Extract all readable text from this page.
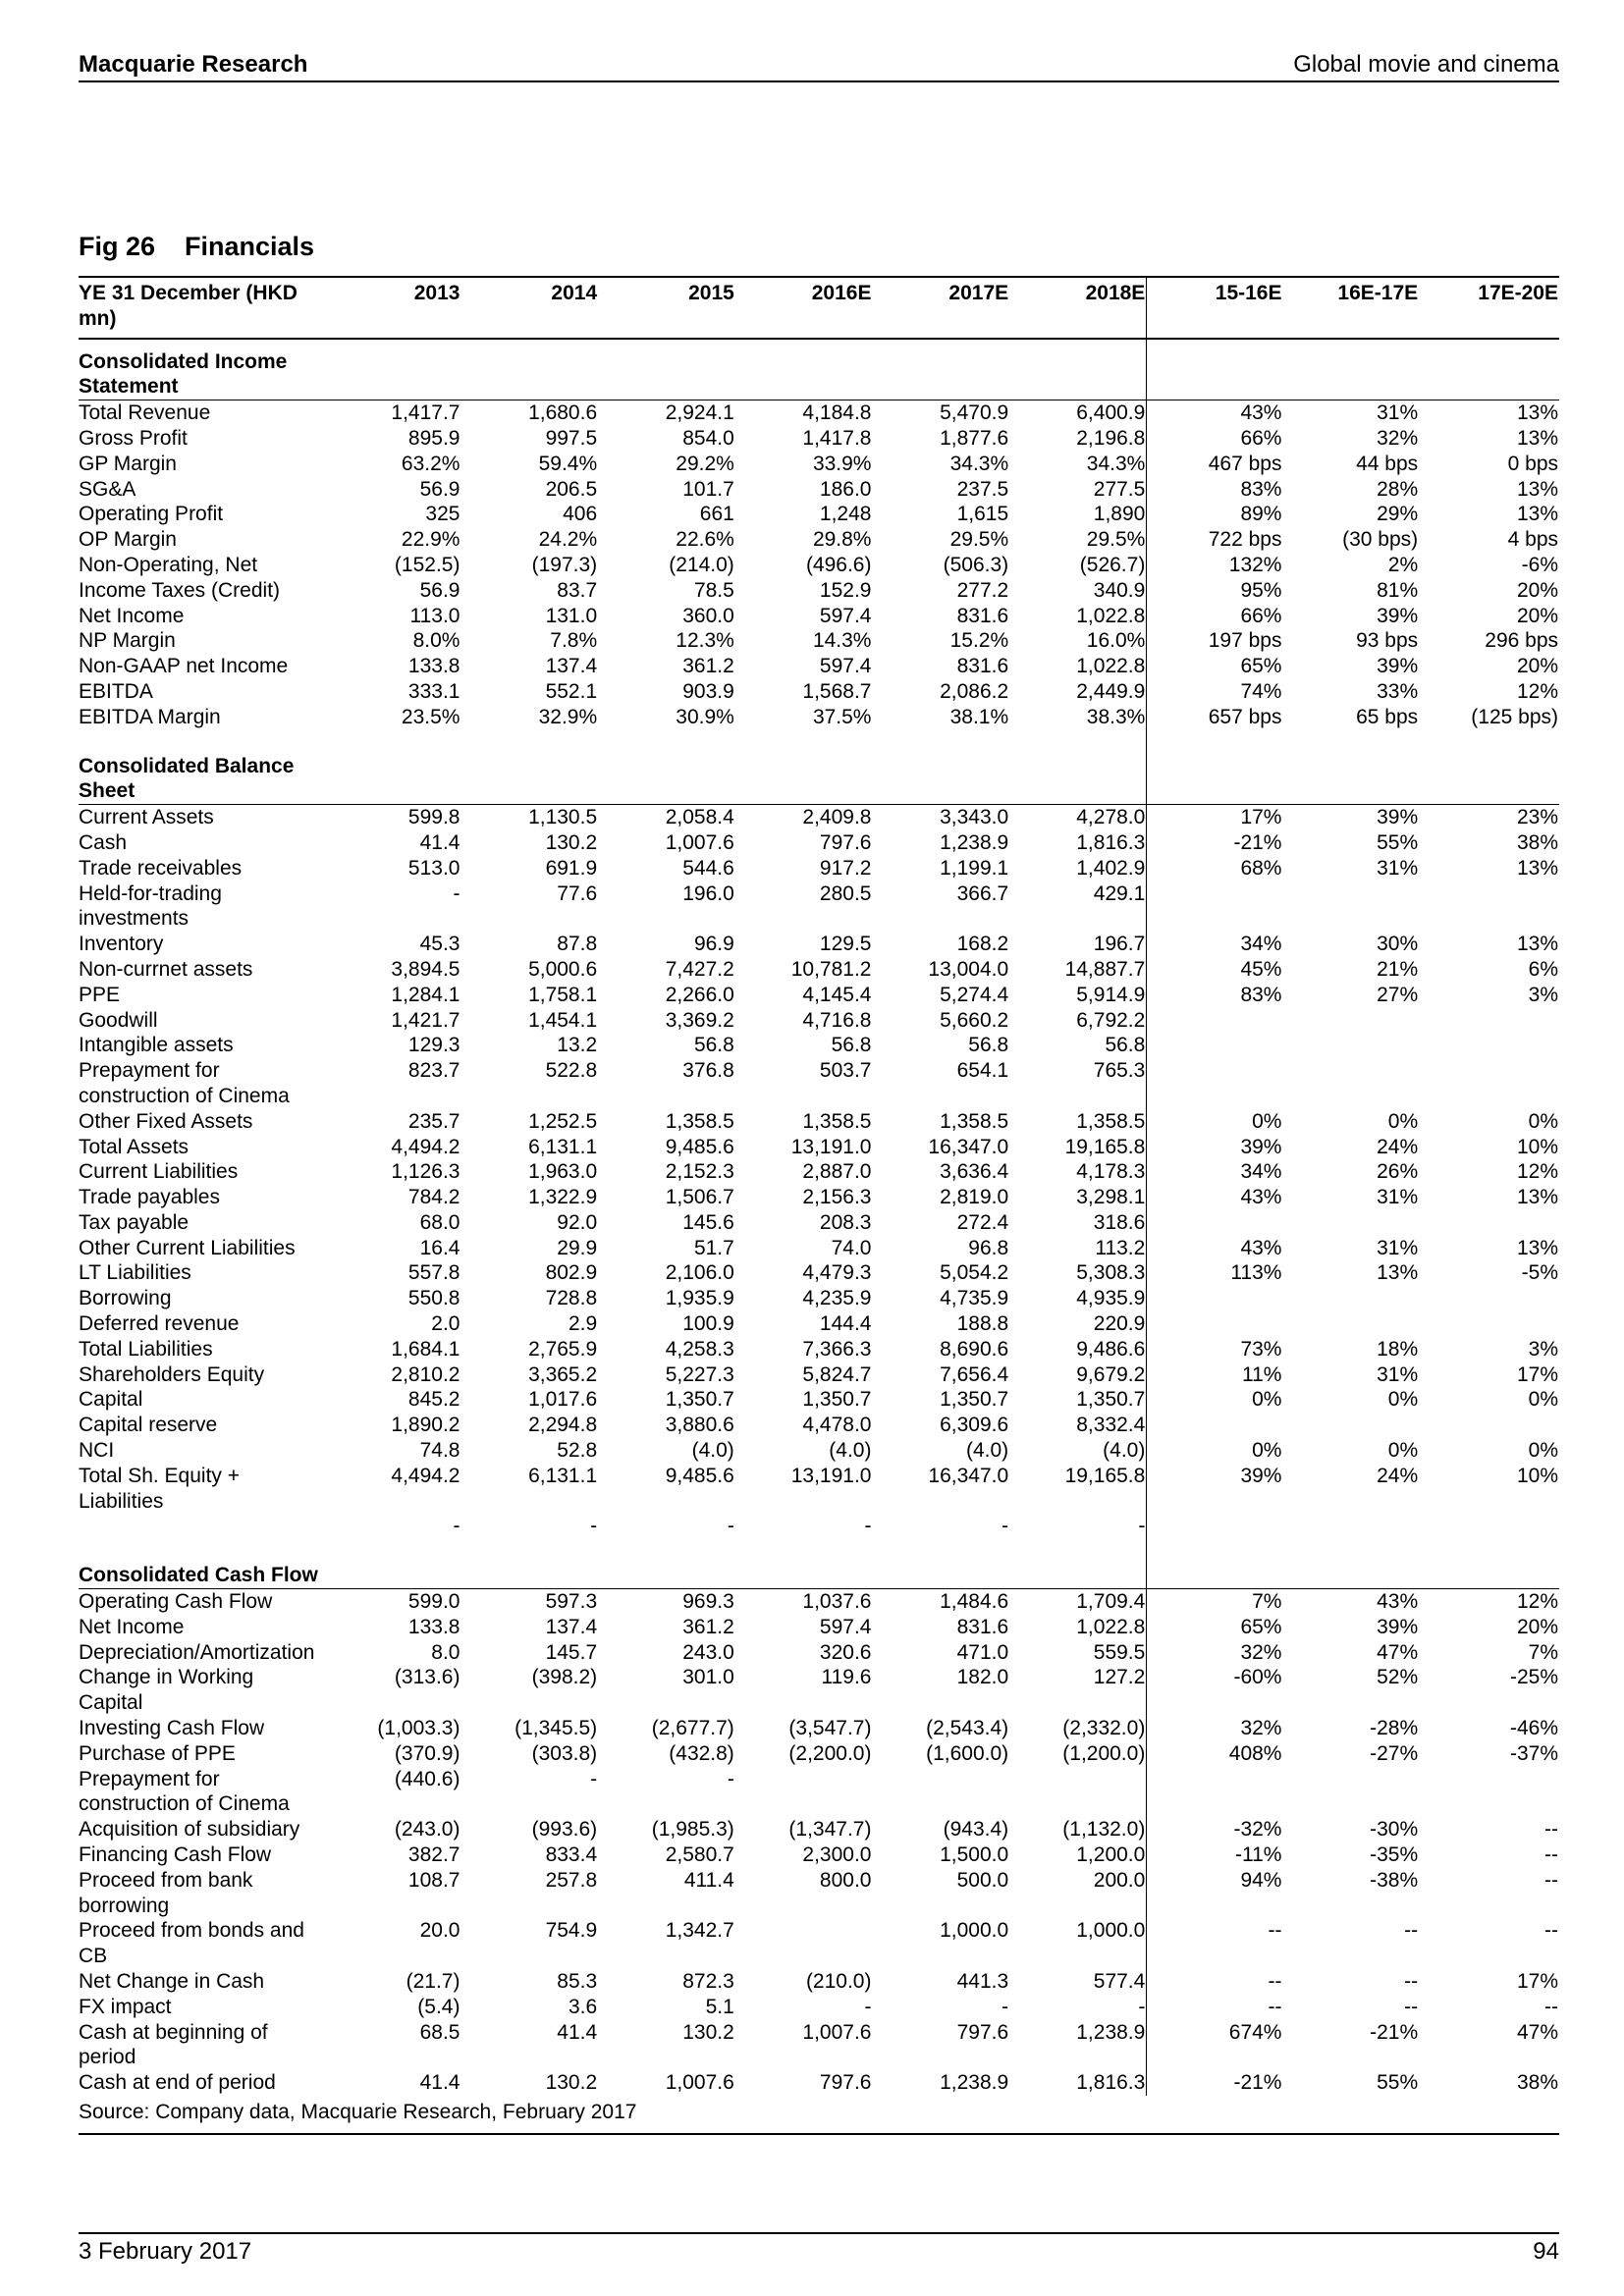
Macquarie Research	Global movie and cinema
Fig 26 Financials
YE 31 December (HKD mn)	2013	2014	2015	2016E	2017E	2018E	15-16E	16E-17E	17E-20E

Consolidated Income Statement									
Total Revenue	1,417.7	1,680.6	2,924.1	4,184.8	5,470.9	6,400.9	43%	31%	13%
Gross Profit	895.9	997.5	854.0	1,417.8	1,877.6	2,196.8	66%	32%	13%
GP Margin	63.2%	59.4%	29.2%	33.9%	34.3%	34.3%	467 bps	44 bps	0 bps
SG&A	56.9	206.5	101.7	186.0	237.5	277.5	83%	28%	13%
Operating Profit	325	406	661	1,248	1,615	1,890	89%	29%	13%
OP Margin	22.9%	24.2%	22.6%	29.8%	29.5%	29.5%	722 bps	(30 bps)	4 bps
Non-Operating, Net	(152.5)	(197.3)	(214.0)	(496.6)	(506.3)	(526.7)	132%	2%	-6%
Income Taxes (Credit)	56.9	83.7	78.5	152.9	277.2	340.9	95%	81%	20%
Net Income	113.0	131.0	360.0	597.4	831.6	1,022.8	66%	39%	20%
NP Margin	8.0%	7.8%	12.3%	14.3%	15.2%	16.0%	197 bps	93 bps	296 bps
Non-GAAP net Income	133.8	137.4	361.2	597.4	831.6	1,022.8	65%	39%	20%
EBITDA	333.1	552.1	903.9	1,568.7	2,086.2	2,449.9	74%	33%	12%
EBITDA Margin	23.5%	32.9%	30.9%	37.5%	38.1%	38.3%	657 bps	65 bps	(125 bps)

Consolidated Balance Sheet									
Current Assets	599.8	1,130.5	2,058.4	2,409.8	3,343.0	4,278.0	17%	39%	23%
Cash	41.4	130.2	1,007.6	797.6	1,238.9	1,816.3	-21%	55%	38%
Trade receivables	513.0	691.9	544.6	917.2	1,199.1	1,402.9	68%	31%	13%
Held-for-trading investments	-	77.6	196.0	280.5	366.7	429.1			
Inventory	45.3	87.8	96.9	129.5	168.2	196.7	34%	30%	13%
Non-currnet assets	3,894.5	5,000.6	7,427.2	10,781.2	13,004.0	14,887.7	45%	21%	6%
PPE	1,284.1	1,758.1	2,266.0	4,145.4	5,274.4	5,914.9	83%	27%	3%
Goodwill	1,421.7	1,454.1	3,369.2	4,716.8	5,660.2	6,792.2			
Intangible assets	129.3	13.2	56.8	56.8	56.8	56.8			
Prepayment for construction of Cinema	823.7	522.8	376.8	503.7	654.1	765.3			
Other Fixed Assets	235.7	1,252.5	1,358.5	1,358.5	1,358.5	1,358.5	0%	0%	0%
Total Assets	4,494.2	6,131.1	9,485.6	13,191.0	16,347.0	19,165.8	39%	24%	10%
Current Liabilities	1,126.3	1,963.0	2,152.3	2,887.0	3,636.4	4,178.3	34%	26%	12%
Trade payables	784.2	1,322.9	1,506.7	2,156.3	2,819.0	3,298.1	43%	31%	13%
Tax payable	68.0	92.0	145.6	208.3	272.4	318.6			
Other Current Liabilities	16.4	29.9	51.7	74.0	96.8	113.2	43%	31%	13%
LT Liabilities	557.8	802.9	2,106.0	4,479.3	5,054.2	5,308.3	113%	13%	-5%
Borrowing	550.8	728.8	1,935.9	4,235.9	4,735.9	4,935.9			
Deferred revenue	2.0	2.9	100.9	144.4	188.8	220.9			
Total Liabilities	1,684.1	2,765.9	4,258.3	7,366.3	8,690.6	9,486.6	73%	18%	3%
Shareholders Equity	2,810.2	3,365.2	5,227.3	5,824.7	7,656.4	9,679.2	11%	31%	17%
Capital	845.2	1,017.6	1,350.7	1,350.7	1,350.7	1,350.7	0%	0%	0%
Capital reserve	1,890.2	2,294.8	3,880.6	4,478.0	6,309.6	8,332.4			
NCI	74.8	52.8	(4.0)	(4.0)	(4.0)	(4.0)	0%	0%	0%
Total Sh. Equity + Liabilities	4,494.2	6,131.1	9,485.6	13,191.0	16,347.0	19,165.8	39%	24%	10%
	-	-	-	-	-	-			

Consolidated Cash Flow									
Operating Cash Flow	599.0	597.3	969.3	1,037.6	1,484.6	1,709.4	7%	43%	12%
Net Income	133.8	137.4	361.2	597.4	831.6	1,022.8	65%	39%	20%
Depreciation/Amortization	8.0	145.7	243.0	320.6	471.0	559.5	32%	47%	7%
Change in Working Capital	(313.6)	(398.2)	301.0	119.6	182.0	127.2	-60%	52%	-25%
Investing Cash Flow	(1,003.3)	(1,345.5)	(2,677.7)	(3,547.7)	(2,543.4)	(2,332.0)	32%	-28%	-46%
Purchase of PPE	(370.9)	(303.8)	(432.8)	(2,200.0)	(1,600.0)	(1,200.0)	408%	-27%	-37%
Prepayment for construction of Cinema	(440.6)	-	-						
Acquisition of subsidiary	(243.0)	(993.6)	(1,985.3)	(1,347.7)	(943.4)	(1,132.0)	-32%	-30%	--
Financing Cash Flow	382.7	833.4	2,580.7	2,300.0	1,500.0	1,200.0	-11%	-35%	--
Proceed from bank borrowing	108.7	257.8	411.4	800.0	500.0	200.0	94%	-38%	--
Proceed from bonds and CB	20.0	754.9	1,342.7		1,000.0	1,000.0	--	--	--
Net Change in Cash	(21.7)	85.3	872.3	(210.0)	441.3	577.4	--	--	17%
FX impact	(5.4)	3.6	5.1	-	-	-	--	--	--
Cash at beginning of period	68.5	41.4	130.2	1,007.6	797.6	1,238.9	674%	-21%	47%
Cash at end of period	41.4	130.2	1,007.6	797.6	1,238.9	1,816.3	-21%	55%	38%
Source: Company data, Macquarie Research, February 2017									
3 February 2017	94
